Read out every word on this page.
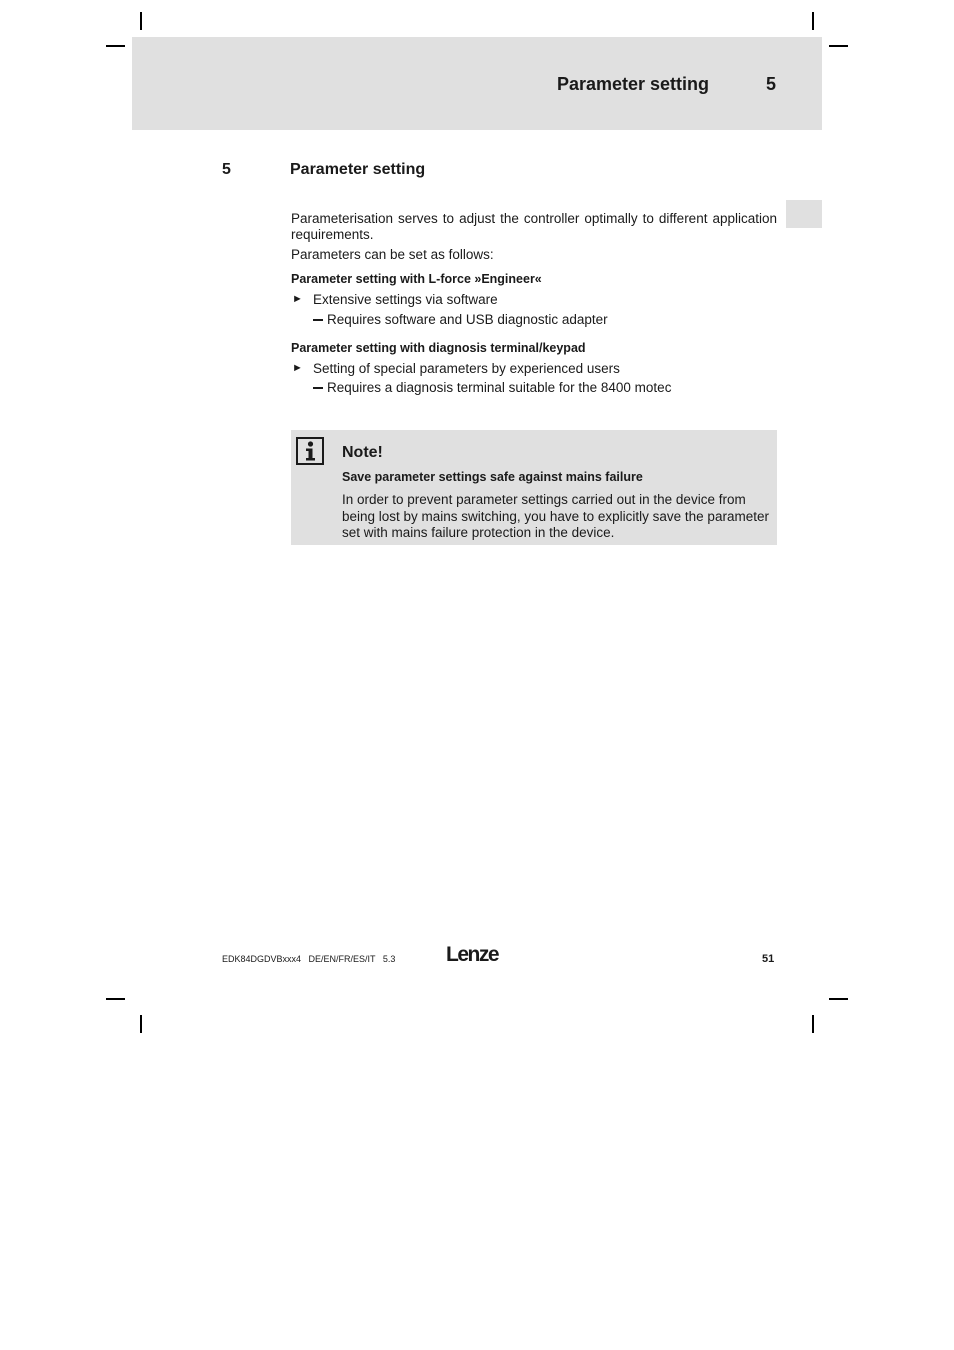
Parameter setting	5
5	Parameter setting
Parameterisation serves to adjust the controller optimally to different application requirements.
Parameters can be set as follows:
Parameter setting with L-force »Engineer«
► Extensive settings via software
Requires software and USB diagnostic adapter
Parameter setting with diagnosis terminal/keypad
► Setting of special parameters by experienced users
Requires a diagnosis terminal suitable for the 8400 motec
Note!
Save parameter settings safe against mains failure
In order to prevent parameter settings carried out in the device from being lost by mains switching, you have to explicitly save the parameter set with mains failure protection in the device.
EDK84DGDVBxxx4   DE/EN/FR/ES/IT   5.3 Lenze	51
